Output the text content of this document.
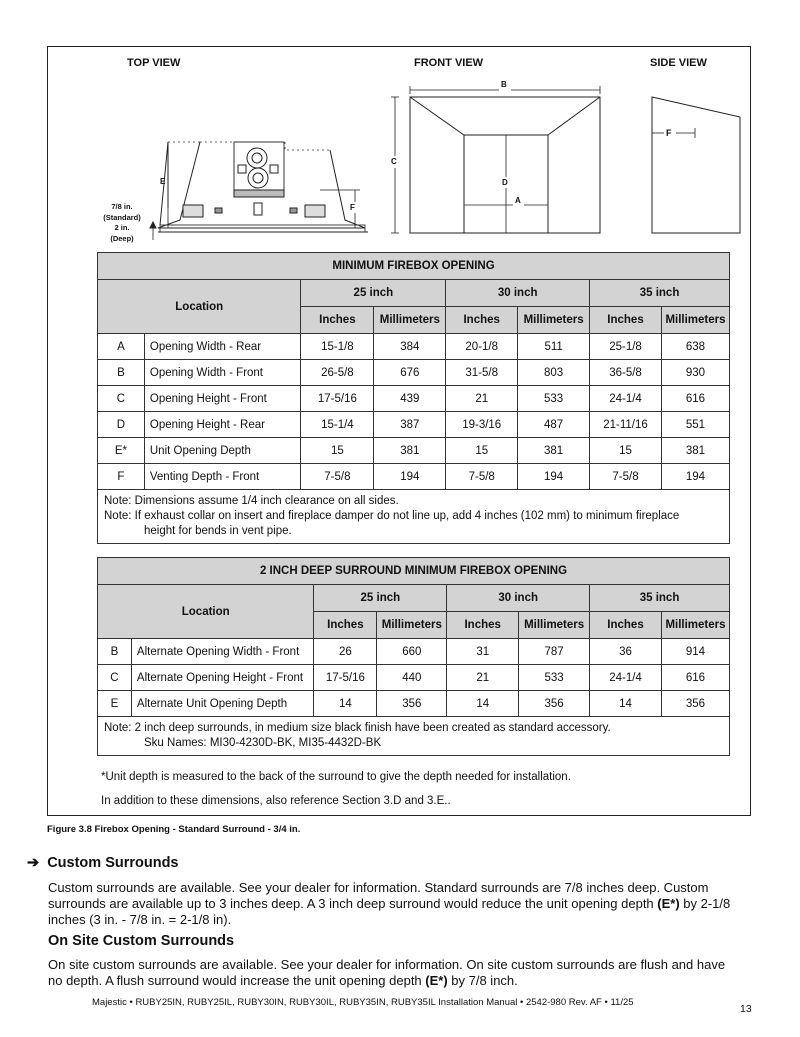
TOP VIEW	FRONT VIEW	SIDE VIEW
B
C
D
A
E
F
F
7/8 in.
(Standard)
2 in.
(Deep)
MINIMUM FIREBOX OPENING							
Location		25 inch		30 inch		35 inch	
		Inches	Millimeters	Inches	Millimeters	Inches	Millimeters
A	Opening Width - Rear	15-1/8	384	20-1/8	511	25-1/8	638
B	Opening Width - Front	26-5/8	676	31-5/8	803	36-5/8	930
C	Opening Height - Front	17-5/16	439	21	533	24-1/4	616
D	Opening Height - Rear	15-1/4	387	19-3/16	487	21-11/16	551
E*	Unit Opening Depth	15	381	15	381	15	381
F	Venting Depth - Front	7-5/8	194	7-5/8	194	7-5/8	194

Note: Dimensions assume 1/4 inch clearance on all sides.
Note: If exhaust collar on insert and fireplace damper do not line up, add 4 inches (102 mm) to minimum fireplace
height for bends in vent pipe.							
2 INCH DEEP SURROUND MINIMUM FIREBOX OPENING							
Location		25 inch		30 inch		35 inch	
		Inches	Millimeters	Inches	Millimeters	Inches	Millimeters
B	Alternate Opening Width - Front	26	660	31	787	36	914
C	Alternate Opening Height - Front	17-5/16	440	21	533	24-1/4	616
E	Alternate Unit Opening Depth	14	356	14	356	14	356

Note: 2 inch deep surrounds, in medium size black finish have been created as standard accessory.
Sku Names: MI30-4230D-BK, MI35-4432D-BK							
*Unit depth is measured to the back of the surround to give the depth needed for installation.
In addition to these dimensions, also reference Section 3.D and 3.E..
Figure 3.8 Firebox Opening - Standard Surround - 3/4 in.
➔ Custom Surrounds
Custom surrounds are available. See your dealer for information. Standard surrounds are 7/8 inches deep. Custom
surrounds are available up to 3 inches deep. A 3 inch deep surround would reduce the unit opening depth (E*) by 2-1/8
inches (3 in. - 7/8 in. = 2-1/8 in).
On Site Custom Surrounds
On site custom surrounds are available. See your dealer for information. On site custom surrounds are flush and have
no depth. A flush surround would increase the unit opening depth (E*) by 7/8 inch.
Majestic • RUBY25IN, RUBY25IL, RUBY30IN, RUBY30IL, RUBY35IN, RUBY35IL Installation Manual • 2542-980 Rev. AF • 11/25
13
